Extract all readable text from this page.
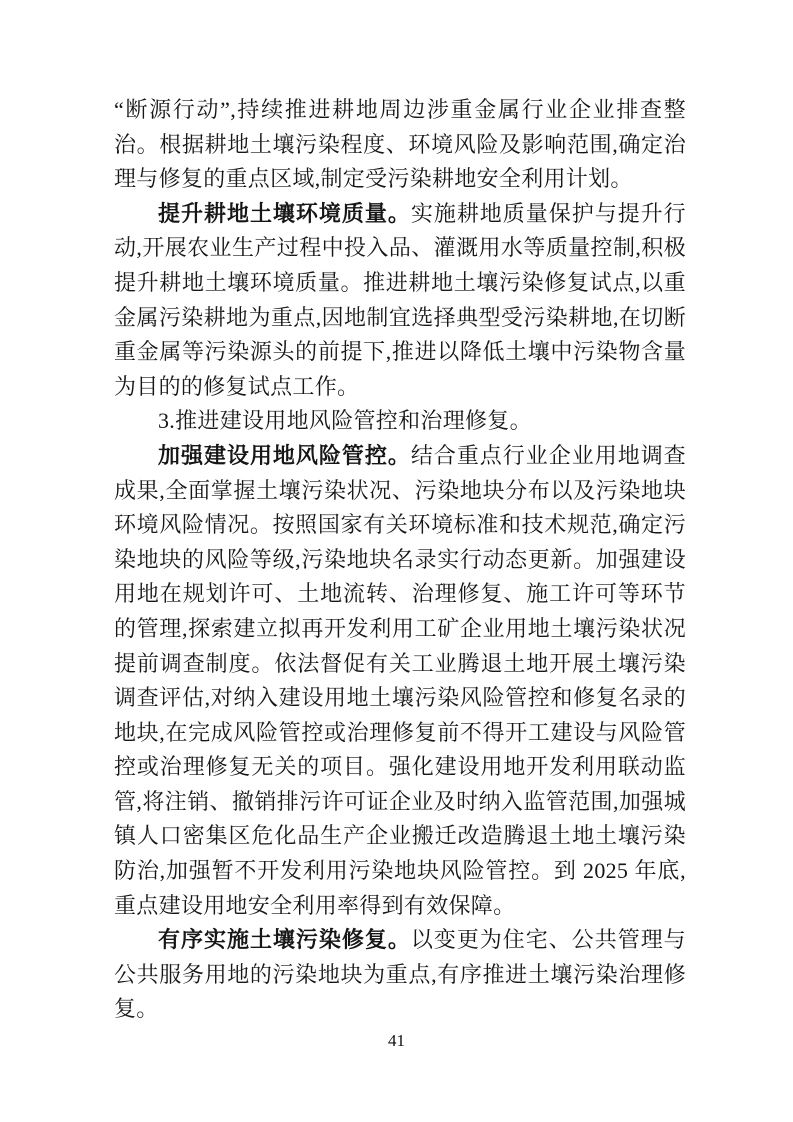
“断源行动”,持续推进耕地周边涉重金属行业企业排查整治。根据耕地土壤污染程度、环境风险及影响范围,确定治理与修复的重点区域,制定受污染耕地安全利用计划。

提升耕地土壤环境质量。实施耕地质量保护与提升行动,开展农业生产过程中投入品、灌溉用水等质量控制,积极提升耕地土壤环境质量。推进耕地土壤污染修复试点,以重金属污染耕地为重点,因地制宜选择典型受污染耕地,在切断重金属等污染源头的前提下,推进以降低土壤中污染物含量为目的的修复试点工作。

3.推进建设用地风险管控和治理修复。

加强建设用地风险管控。结合重点行业企业用地调查成果,全面掌握土壤污染状况、污染地块分布以及污染地块环境风险情况。按照国家有关环境标准和技术规范,确定污染地块的风险等级,污染地块名录实行动态更新。加强建设用地在规划许可、土地流转、治理修复、施工许可等环节的管理,探索建立拟再开发利用工矿企业用地土壤污染状况提前调查制度。依法督促有关工业腾退土地开展土壤污染调查评估,对纳入建设用地土壤污染风险管控和修复名录的地块,在完成风险管控或治理修复前不得开工建设与风险管控或治理修复无关的项目。强化建设用地开发利用联动监管,将注销、撤销排污许可证企业及时纳入监管范围,加强城镇人口密集区危化品生产企业搬迁改造腾退土地土壤污染防治,加强暂不开发利用污染地块风险管控。到 2025 年底,重点建设用地安全利用率得到有效保障。

有序实施土壤污染修复。以变更为住宅、公共管理与公共服务用地的污染地块为重点,有序推进土壤污染治理修复。

41
